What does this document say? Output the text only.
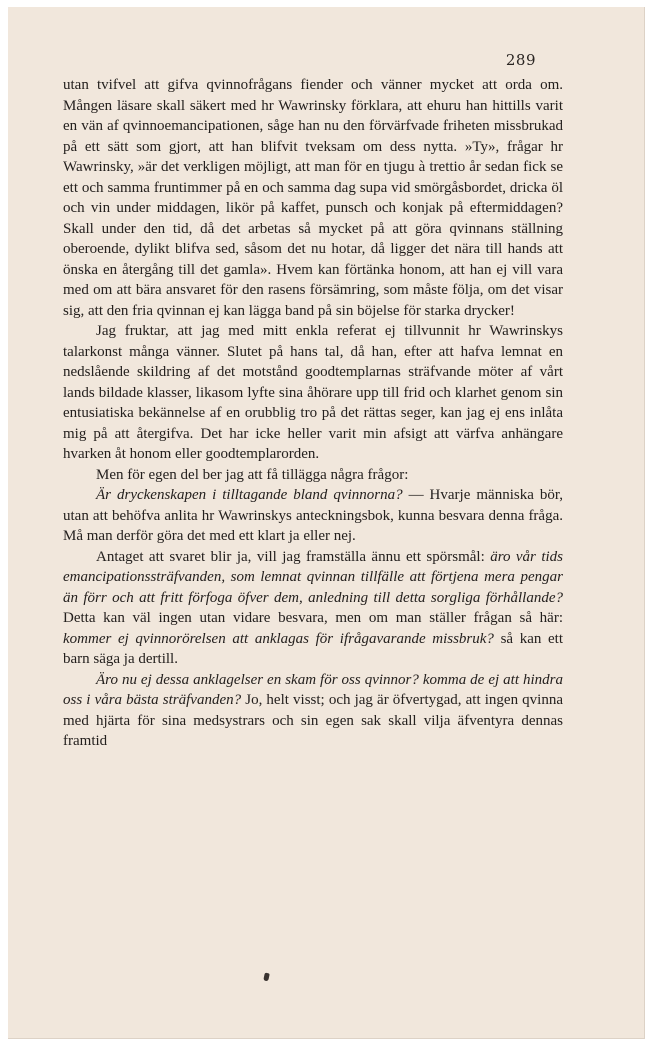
289

utan tvifvel att gifva qvinnofrågans fiender och vänner mycket att orda om. Mången läsare skall säkert med hr Wawrinsky förklara, att ehuru han hittills varit en vän af qvinnoemancipationen, såge han nu den förvärfvade friheten missbrukad på ett sätt som gjort, att han blifvit tveksam om dess nytta. »Ty», frågar hr Wawrinsky, »är det verkligen möjligt, att man för en tjugu à trettio år sedan fick se ett och samma fruntimmer på en och samma dag supa vid smörgåsbordet, dricka öl och vin under middagen, likör på kaffet, punsch och konjak på eftermiddagen? Skall under den tid, då det arbetas så mycket på att göra qvinnans ställning oberoende, dylikt blifva sed, såsom det nu hotar, då ligger det nära till hands att önska en återgång till det gamla». Hvem kan förtänka honom, att han ej vill vara med om att bära ansvaret för den rasens försämring, som måste följa, om det visar sig, att den fria qvinnan ej kan lägga band på sin böjelse för starka drycker!

Jag fruktar, att jag med mitt enkla referat ej tillvunnit hr Wawrinskys talarkonst många vänner. Slutet på hans tal, då han, efter att hafva lemnat en nedslående skildring af det motstånd goodtemplarnas sträfvande möter af vårt lands bildade klasser, likasom lyfte sina åhörare upp till frid och klarhet genom sin entusiatiska bekännelse af en orubblig tro på det rättas seger, kan jag ej ens inlåta mig på att återgifva. Det har icke heller varit min afsigt att värfva anhängare hvarken åt honom eller goodtemplarorden.

Men för egen del ber jag att få tillägga några frågor:

Är dryckenskapen i tilltagande bland qvinnorna? — Hvarje människa bör, utan att behöfva anlita hr Wawrinskys anteckningsbok, kunna besvara denna fråga. Må man derför göra det med ett klart ja eller nej.

Antaget att svaret blir ja, vill jag framställa ännu ett spörsmål: äro vår tids emancipationssträfvanden, som lemnat qvinnan tillfälle att förtjena mera pengar än förr och att fritt förfoga öfver dem, anledning till detta sorgliga förhållande? Detta kan väl ingen utan vidare besvara, men om man ställer frågan så här: kommer ej qvinnorörelsen att anklagas för ifrågavarande missbruk? så kan ett barn säga ja dertill.

Äro nu ej dessa anklagelser en skam för oss qvinnor? komma de ej att hindra oss i våra bästa sträfvanden? Jo, helt visst; och jag är öfvertygad, att ingen qvinna med hjärta för sina medsystrars och sin egen sak skall vilja äfventyra dennas framtid
